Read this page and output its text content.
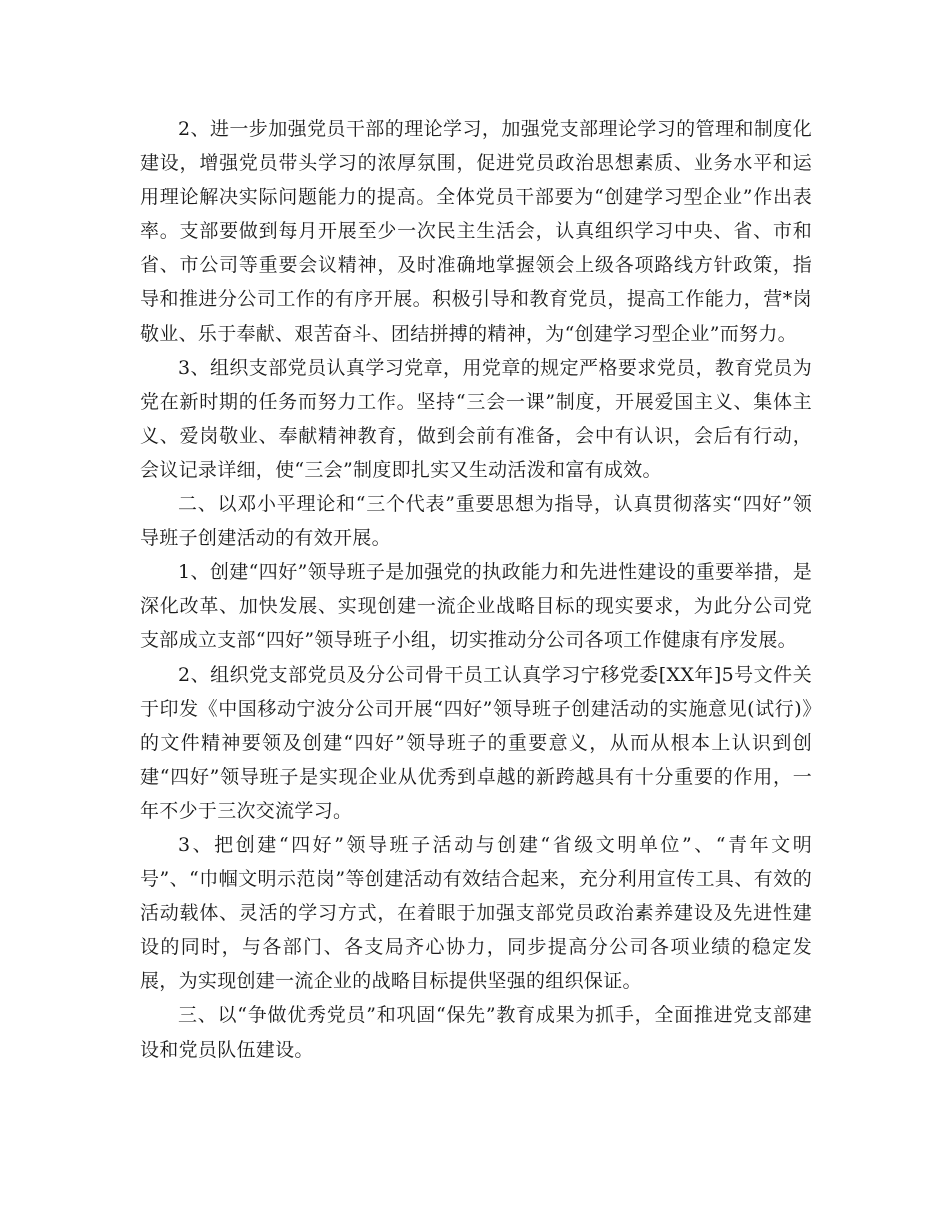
2、进一步加强党员干部的理论学习，加强党支部理论学习的管理和制度化建设，增强党员带头学习的浓厚氛围，促进党员政治思想素质、业务水平和运用理论解决实际问题能力的提高。全体党员干部要为“创建学习型企业”作出表率。支部要做到每月开展至少一次民主生活会，认真组织学习中央、省、市和省、市公司等重要会议精神，及时准确地掌握领会上级各项路线方针政策，指导和推进分公司工作的有序开展。积极引导和教育党员，提高工作能力，营*岗敬业、乐于奉献、艰苦奋斗、团结拼搏的精神，为“创建学习型企业”而努力。

3、组织支部党员认真学习党章，用党章的规定严格要求党员，教育党员为党在新时期的任务而努力工作。坚持“三会一课”制度，开展爱国主义、集体主义、爱岗敬业、奉献精神教育，做到会前有准备，会中有认识，会后有行动，会议记录详细，使“三会”制度即扎实又生动活泼和富有成效。

二、以邓小平理论和“三个代表”重要思想为指导，认真贯彻落实“四好”领导班子创建活动的有效开展。

1、创建“四好”领导班子是加强党的执政能力和先进性建设的重要举措，是深化改革、加快发展、实现创建一流企业战略目标的现实要求，为此分公司党支部成立支部“四好”领导班子小组，切实推动分公司各项工作健康有序发展。

2、组织党支部党员及分公司骨干员工认真学习宁移党委[XX年]5号文件关于印发《中国移动宁波分公司开展“四好”领导班子创建活动的实施意见(试行)》的文件精神要领及创建“四好”领导班子的重要意义，从而从根本上认识到创建“四好”领导班子是实现企业从优秀到卓越的新跨越具有十分重要的作用，一年不少于三次交流学习。

3、把创建“四好”领导班子活动与创建“省级文明单位”、“青年文明号”、“巾帼文明示范岗”等创建活动有效结合起来，充分利用宣传工具、有效的活动载体、灵活的学习方式，在着眼于加强支部党员政治素养建设及先进性建设的同时，与各部门、各支局齐心协力，同步提高分公司各项业绩的稳定发展，为实现创建一流企业的战略目标提供坚强的组织保证。

三、以“争做优秀党员”和巩固“保先”教育成果为抓手，全面推进党支部建设和党员队伍建设。
